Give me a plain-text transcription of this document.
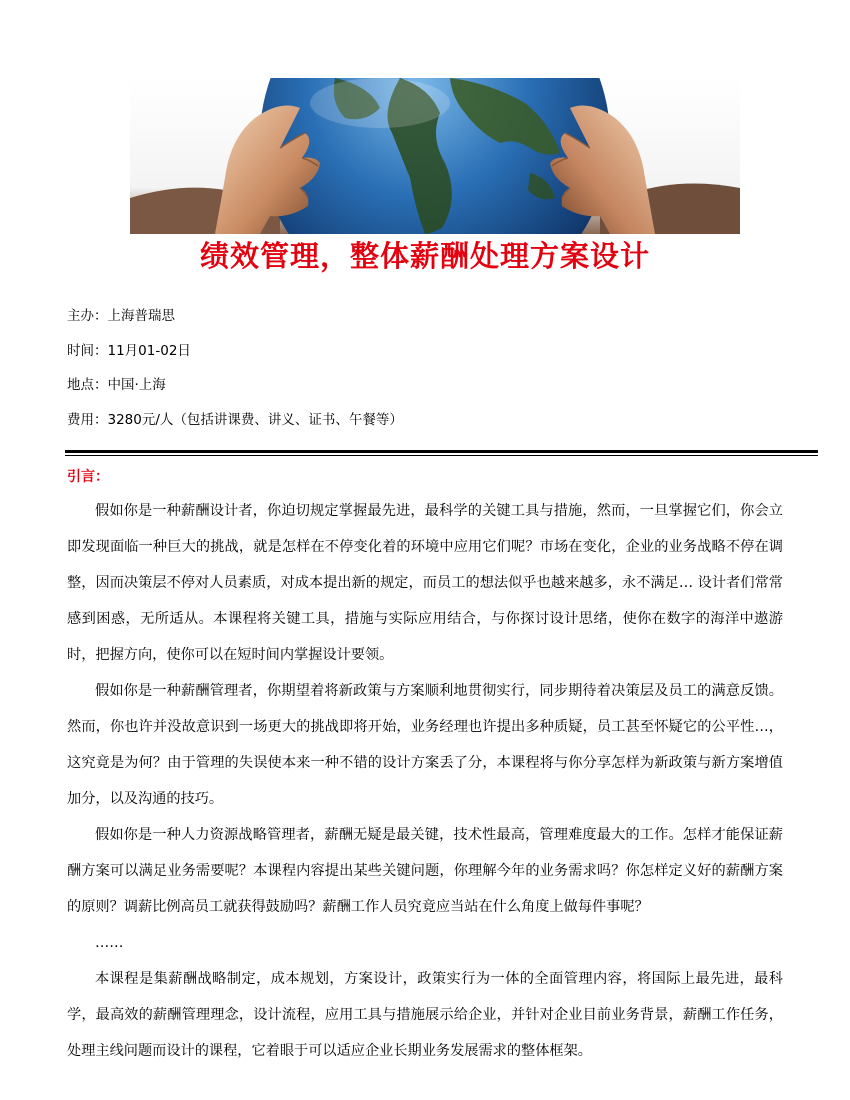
绩效管理，整体薪酬处理方案设计
主办：上海普瑞思
时间：11月01-02日
地点：中国·上海
费用：3280元/人（包括讲课费、讲义、证书、午餐等）
引言：

假如你是一种薪酬设计者，你迫切规定掌握最先进，最科学的关键工具与措施，然而，一旦掌握它们，你会立即发现面临一种巨大的挑战，就是怎样在不停变化着的环境中应用它们呢？市场在变化，企业的业务战略不停在调整，因而决策层不停对人员素质，对成本提出新的规定，而员工的想法似乎也越来越多，永不满足… 设计者们常常感到困惑，无所适从。本课程将关键工具，措施与实际应用结合，与你探讨设计思绪，使你在数字的海洋中遨游时，把握方向，使你可以在短时间内掌握设计要领。

假如你是一种薪酬管理者，你期望着将新政策与方案顺利地贯彻实行，同步期待着决策层及员工的满意反馈。然而，你也许并没故意识到一场更大的挑战即将开始，业务经理也许提出多种质疑，员工甚至怀疑它的公平性…，这究竟是为何？由于管理的失误使本来一种不错的设计方案丢了分，本课程将与你分享怎样为新政策与新方案增值加分，以及沟通的技巧。

假如你是一种人力资源战略管理者，薪酬无疑是最关键，技术性最高，管理难度最大的工作。怎样才能保证薪酬方案可以满足业务需要呢？本课程内容提出某些关键问题，你理解今年的业务需求吗？你怎样定义好的薪酬方案的原则？调薪比例高员工就获得鼓励吗？薪酬工作人员究竟应当站在什么角度上做每件事呢？

……

本课程是集薪酬战略制定，成本规划，方案设计，政策实行为一体的全面管理内容，将国际上最先进，最科学，最高效的薪酬管理理念，设计流程，应用工具与措施展示给企业，并针对企业目前业务背景，薪酬工作任务，处理主线问题而设计的课程，它着眼于可以适应企业长期业务发展需求的整体框架。
